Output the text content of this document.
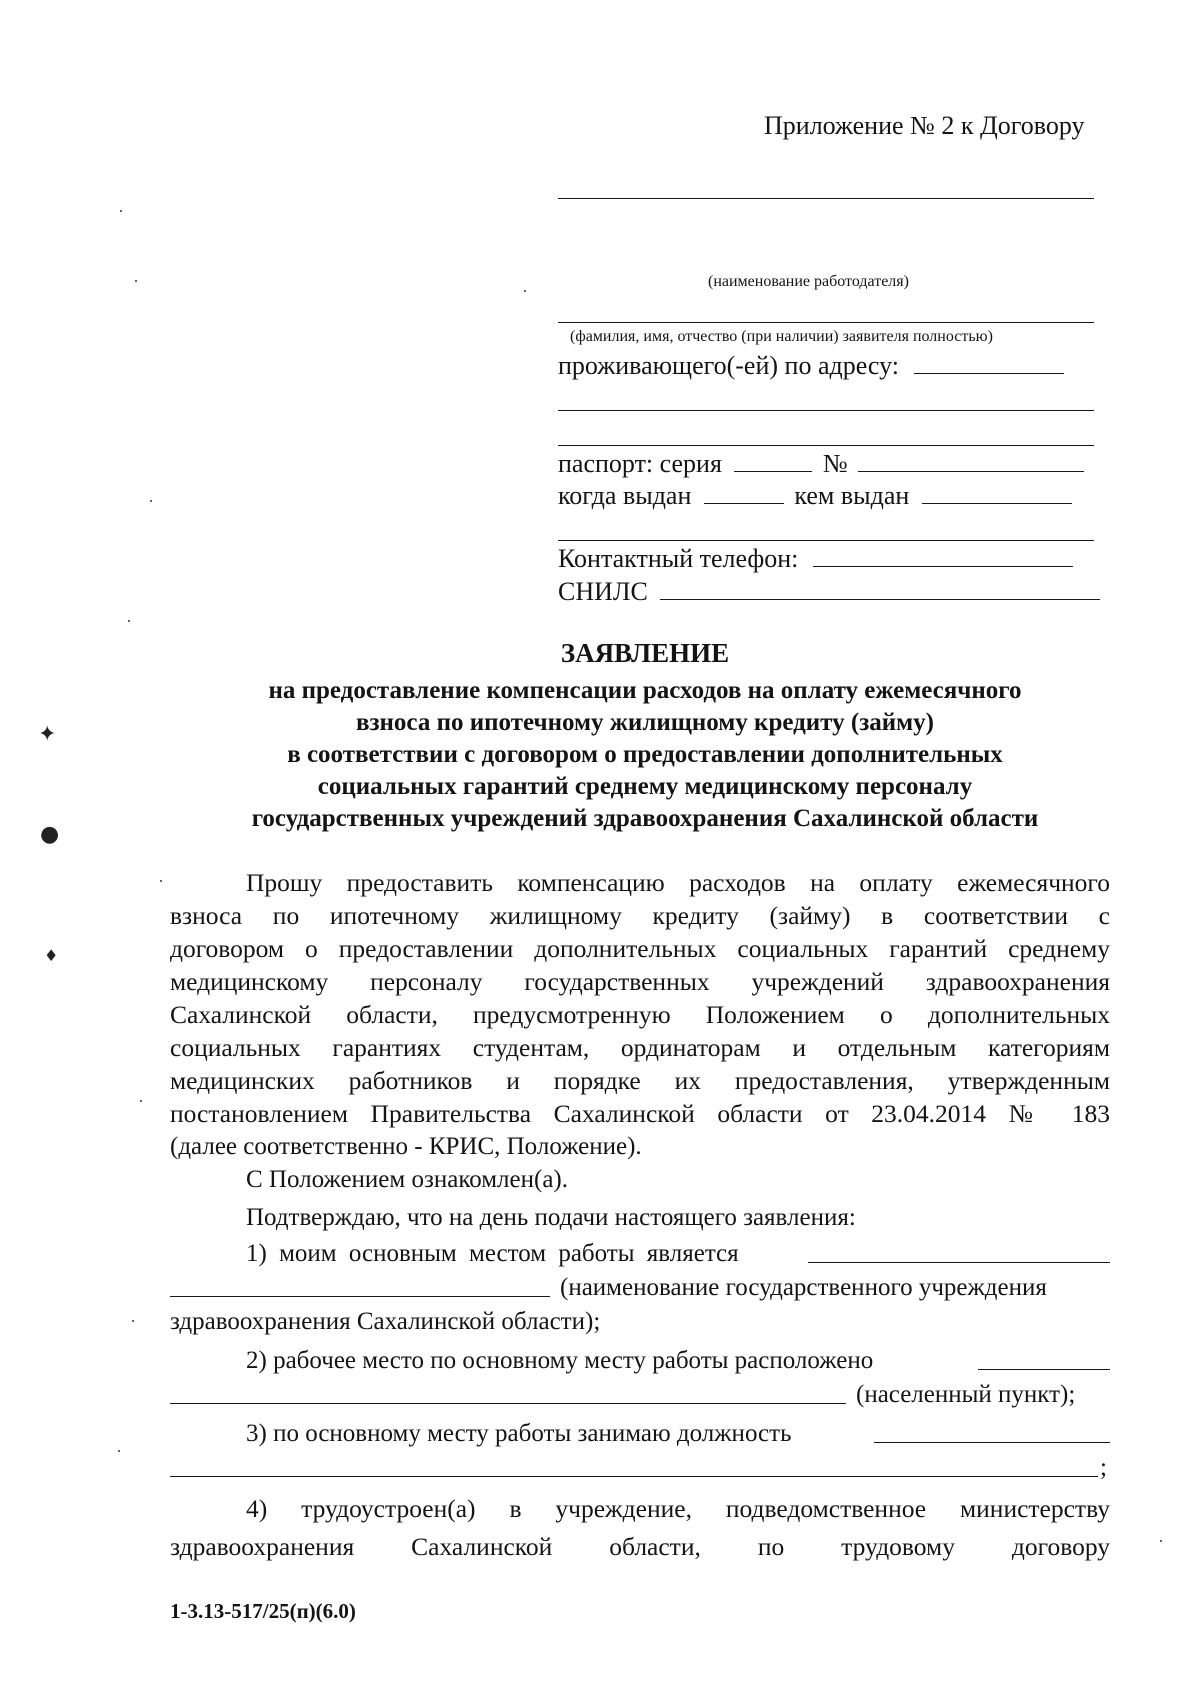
Приложение № 2 к Договору
(наименование работодателя)
(фамилия, имя, отчество (при наличии) заявителя полностью)
проживающего(-ей) по адресу:
паспорт: серия	№
когда выдан	кем выдан
Контактный телефон:
СНИЛС
ЗАЯВЛЕНИЕ
на предоставление компенсации расходов на оплату ежемесячного
взноса по ипотечному жилищному кредиту (займу)
в соответствии с договором о предоставлении дополнительных
социальных гарантий среднему медицинскому персоналу
государственных учреждений здравоохранения Сахалинской области
Прошу предоставить компенсацию расходов на оплату ежемесячного
взноса по ипотечному жилищному кредиту (займу) в соответствии с
договором о предоставлении дополнительных социальных гарантий среднему
медицинскому персоналу государственных учреждений здравоохранения
Сахалинской области, предусмотренную Положением о дополнительных
социальных гарантиях студентам, ординаторам и отдельным категориям
медицинских работников и порядке их предоставления, утвержденным
постановлением Правительства Сахалинской области от 23.04.2014 № 183
(далее соответственно - КРИС, Положение).
С Положением ознакомлен(а).
Подтверждаю, что на день подачи настоящего заявления:
1) моим основным местом работы является
(наименование государственного учреждения
здравоохранения Сахалинской области);
2) рабочее место по основному месту работы расположено
(населенный пункт);
3) по основному месту работы занимаю должность
;
4) трудоустроен(а) в учреждение, подведомственное министерству
здравоохранения Сахалинской области, по трудовому договору
1-3.13-517/25(п)(6.0)
✦
●
♦
